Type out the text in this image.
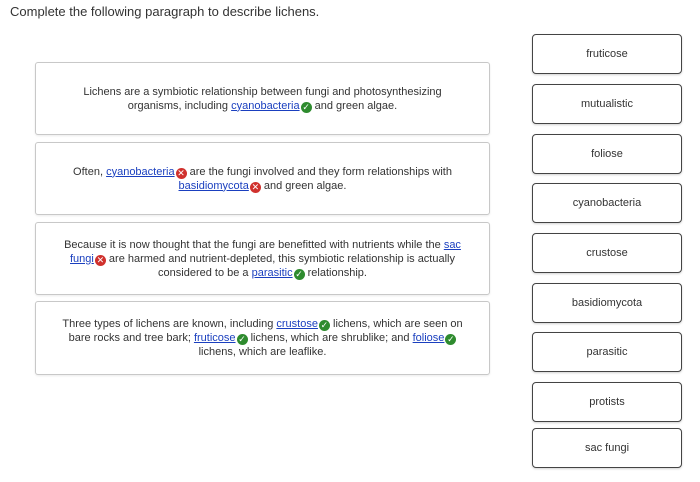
Complete the following paragraph to describe lichens.

Lichens are a symbiotic relationship between fungi and photosynthesizing organisms, including cyanobacteria ✓ and green algae.

Often, cyanobacteria ✕ are the fungi involved and they form relationships with basidiomycota ✕ and green algae.

Because it is now thought that the fungi are benefitted with nutrients while the sac fungi ✕ are harmed and nutrient-depleted, this symbiotic relationship is actually considered to be a parasitic ✓ relationship.

Three types of lichens are known, including crustose ✓ lichens, which are seen on bare rocks and tree bark; fruticose ✓ lichens, which are shrublike; and foliose ✓ lichens, which are leaflike.

fruticose
mutualistic
foliose
cyanobacteria
crustose
basidiomycota
parasitic
protists
sac fungi
